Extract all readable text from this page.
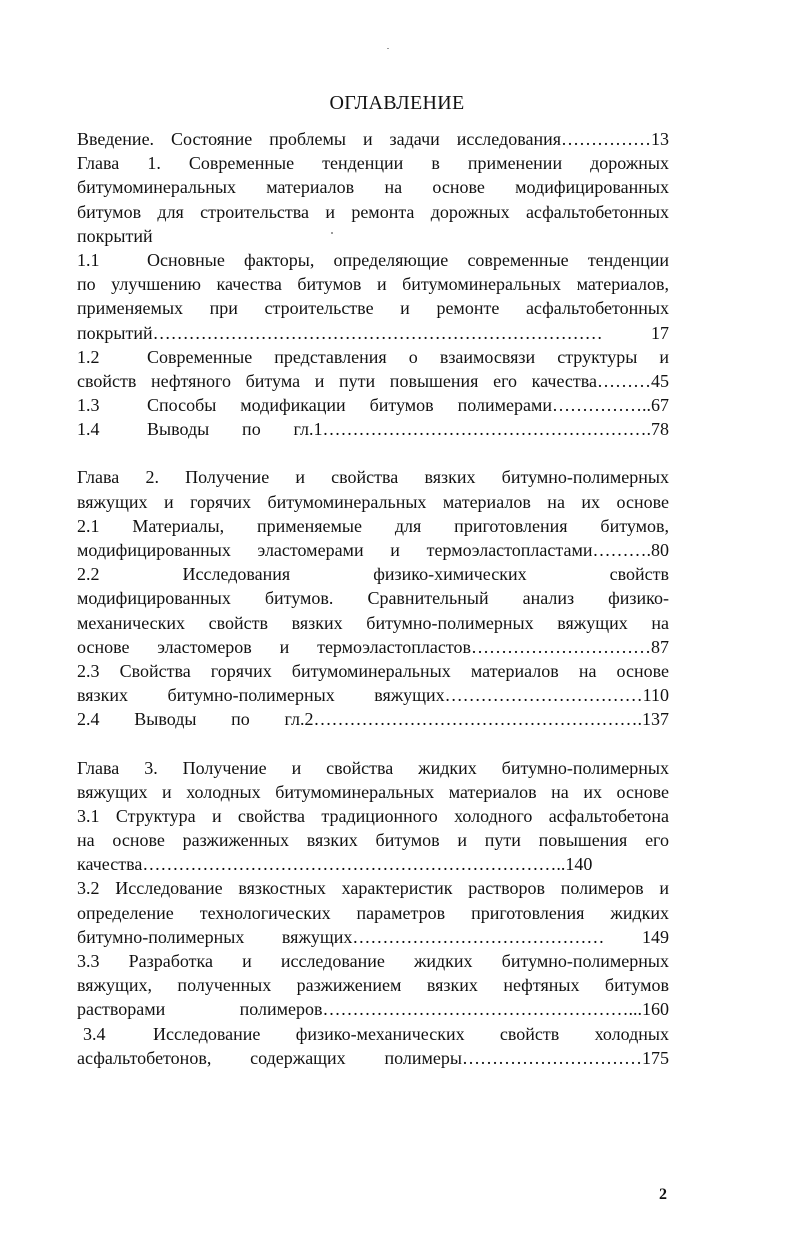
ОГЛАВЛЕНИЕ
Введение. Состояние проблемы и задачи исследования……………13
Глава 1. Современные тенденции в применении дорожных
битумоминеральных материалов на основе модифицированных
битумов для строительства и ремонта дорожных асфальтобетонных
покрытий
1.1	Основные факторы, определяющие современные тенденции
по улучшению качества битумов и битумоминеральных материалов,
применяемых при строительстве и ремонте асфальтобетонных
покрытий………………………………………………………………… 17
1.2	Современные представления о взаимосвязи структуры и
свойств нефтяного битума и пути повышения его качества………45
1.3	Способы модификации битумов полимерами……………..67
1.4	Выводы по гл.1……………………………………………….78
Глава 2. Получение и свойства вязких битумно-полимерных
вяжущих и горячих битумоминеральных материалов на их основе
2.1 Материалы, применяемые для приготовления битумов,
модифицированных эластомерами и термоэластопластами……….80
2.2 Исследования физико-химических свойств
модифицированных битумов. Сравнительный анализ физико-
механических свойств вязких битумно-полимерных вяжущих на
основе эластомеров и термоэластопластов…………………………87
2.3 Свойства горячих битумоминеральных материалов на основе
вязких битумно-полимерных вяжущих……………………………110
2.4 Выводы по гл.2……………………………………………….137
Глава 3. Получение и свойства жидких битумно-полимерных
вяжущих и холодных битумоминеральных материалов на их основе
3.1 Структура и свойства традиционного холодного асфальтобетона
на основе разжиженных вязких битумов и пути повышения его
качества……………………………………………………………..140
3.2 Исследование вязкостных характеристик растворов полимеров и
определение технологических параметров приготовления жидких
битумно-полимерных вяжущих…………………………………… 149
3.3 Разработка и исследование жидких битумно-полимерных
вяжущих, полученных разжижением вязких нефтяных битумов
растворами полимеров……………………………………………...160
3.4	Исследование физико-механических свойств холодных
асфальтобетонов, содержащих полимеры…………………………175
2
